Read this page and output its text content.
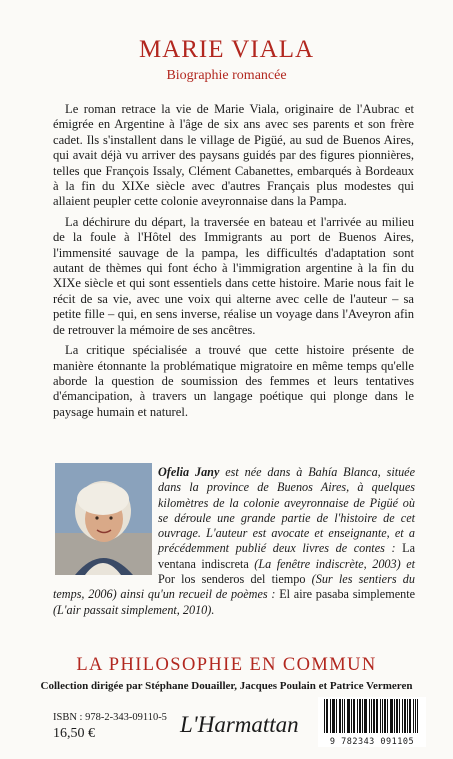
MARIE VIALA
Biographie romancée

Le roman retrace la vie de Marie Viala, originaire de l'Aubrac et émigrée en Argentine à l'âge de six ans avec ses parents et son frère cadet. Ils s'installent dans le village de Pigüé, au sud de Buenos Aires, qui avait déjà vu arriver des paysans guidés par des figures pionnières, telles que François Issaly, Clément Cabanettes, embarqués à Bordeaux à la fin du XIXe siècle avec d'autres Français plus modestes qui allaient peupler cette colonie aveyronnaise dans la Pampa.

La déchirure du départ, la traversée en bateau et l'arrivée au milieu de la foule à l'Hôtel des Immigrants au port de Buenos Aires, l'immensité sauvage de la pampa, les difficultés d'adaptation sont autant de thèmes qui font écho à l'immigration argentine à la fin du XIXe siècle et qui sont essentiels dans cette histoire. Marie nous fait le récit de sa vie, avec une voix qui alterne avec celle de l'auteur – sa petite fille – qui, en sens inverse, réalise un voyage dans l'Aveyron afin de retrouver la mémoire de ses ancêtres.

La critique spécialisée a trouvé que cette histoire présente de manière étonnante la problématique migratoire en même temps qu'elle aborde la question de soumission des femmes et leurs tentatives d'émancipation, à travers un langage poétique qui plonge dans le paysage humain et naturel.

Ofelia Jany est née dans à Bahía Blanca, située dans la province de Buenos Aires, à quelques kilomètres de la colonie aveyronnaise de Pigüé où se déroule une grande partie de l'histoire de cet ouvrage. L'auteur est avocate et enseignante, et a précédemment publié deux livres de contes : La ventana indiscreta (La fenêtre indiscrète, 2003) et Por los senderos del tiempo (Sur les sentiers du temps, 2006) ainsi qu'un recueil de poèmes : El aire pasaba simplemente (L'air passait simplement, 2010).
LA PHILOSOPHIE EN COMMUN
Collection dirigée par Stéphane Douailler, Jacques Poulain et Patrice Vermeren
ISBN : 978-2-343-09110-5
16,50 €	L'Harmattan
9 782343 091105
